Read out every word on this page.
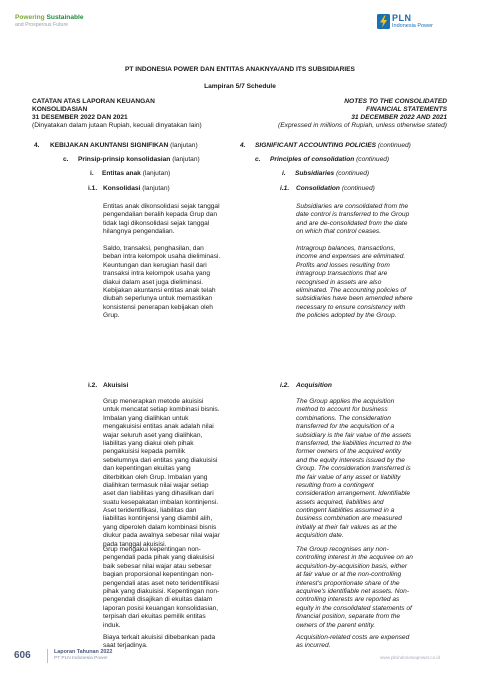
Powering Sustainable
and Prosperous Future
PLN
Indonesia Power
PT INDONESIA POWER DAN ENTITAS ANAKNYA/AND ITS SUBSIDIARIES
Lampiran 5/7 Schedule
CATATAN ATAS LAPORAN KEUANGAN
KONSOLIDASIAN
31 DESEMBER 2022 DAN 2021
(Dinyatakan dalam jutaan Rupiah, kecuali dinyatakan lain)
NOTES TO THE CONSOLIDATED
FINANCIAL STATEMENTS
31 DECEMBER 2022 AND 2021
(Expressed in millions of Rupiah, unless otherwise stated)
4. KEBIJAKAN AKUNTANSI SIGNIFIKAN (lanjutan)	4. SIGNIFICANT ACCOUNTING POLICIES (continued)
c. Prinsip-prinsip konsolidasian (lanjutan)	c. Principles of consolidation (continued)
i. Entitas anak (lanjutan)	i. Subsidiaries (continued)
i.1. Konsolidasi (lanjutan)	i.1. Consolidation (continued)
i.2. Akuisisi	i.2. Acquisition
Entitas anak dikonsolidasi sejak tanggal
pengendalian beralih kepada Grup dan
tidak lagi dikonsolidasi sejak tanggal
hilangnya pengendalian.
Saldo, transaksi, penghasilan, dan
beban intra kelompok usaha dieliminasi.
Keuntungan dan kerugian hasil dari
transaksi intra kelompok usaha yang
diakui dalam aset juga dieliminasi.
Kebijakan akuntansi entitas anak telah
diubah seperlunya untuk memastikan
konsistensi penerapan kebijakan oleh
Grup.
Grup menerapkan metode akuisisi
untuk mencatat setiap kombinasi bisnis.
Imbalan yang dialihkan untuk
mengakuisisi entitas anak adalah nilai
wajar seluruh aset yang dialihkan,
liabilitas yang diakui oleh pihak
pengakuisisi kepada pemilik
sebelumnya dari entitas yang diakuisisi
dan kepentingan ekuitas yang
diterbitkan oleh Grup. Imbalan yang
dialihkan termasuk nilai wajar setiap
aset dan liabilitas yang dihasilkan dari
suatu kesepakatan imbalan kontinjensi.
Aset teridentifikasi, liabilitas dan
liabilitas kontinjensi yang diambil alih,
yang diperoleh dalam kombinasi bisnis
diukur pada awalnya sebesar nilai wajar
pada tanggal akuisisi.
Grup mengakui kepentingan non-
pengendali pada pihak yang diakuisisi
baik sebesar nilai wajar atau sebesar
bagian proporsional kepentingan non-
pengendali atas aset neto teridentifikasi
pihak yang diakuisisi. Kepentingan non-
pengendali disajikan di ekuitas dalam
laporan posisi keuangan konsolidasian,
terpisah dari ekuitas pemilik entitas
induk.
Biaya terkait akuisisi dibebankan pada
saat terjadinya.
Subsidiaries are consolidated from the
date control is transferred to the Group
and are de-consolidated from the date
on which that control ceases.
Intragroup balances, transactions,
income and expenses are eliminated.
Profits and losses resulting from
intragroup transactions that are
recognised in assets are also
eliminated. The accounting policies of
subsidiaries have been amended where
necessary to ensure consistency with
the policies adopted by the Group.
The Group applies the acquisition
method to account for business
combinations. The consideration
transferred for the acquisition of a
subsidiary is the fair value of the assets
transferred, the liabilities incurred to the
former owners of the acquired entity
and the equity interests issued by the
Group. The consideration transferred is
the fair value of any asset or liability
resulting from a contingent
consideration arrangement. Identifiable
assets acquired, liabilities and
contingent liabilities assumed in a
business combination are measured
initially at their fair values as at the
acquisition date.
The Group recognises any non-
controlling interest in the acquiree on an
acquisition-by-acquisition basis, either
at fair value or at the non-controlling
interest's proportionate share of the
acquiree's identifiable net assets. Non-
controlling interests are reported as
equity in the consolidated statements of
financial position, separate from the
owners of the parent entity.
Acquisition-related costs are expensed
as incurred.
606	Laporan Tahunan 2022
PT PLN Indonesia Power	www.plnindonesiapower.co.id
